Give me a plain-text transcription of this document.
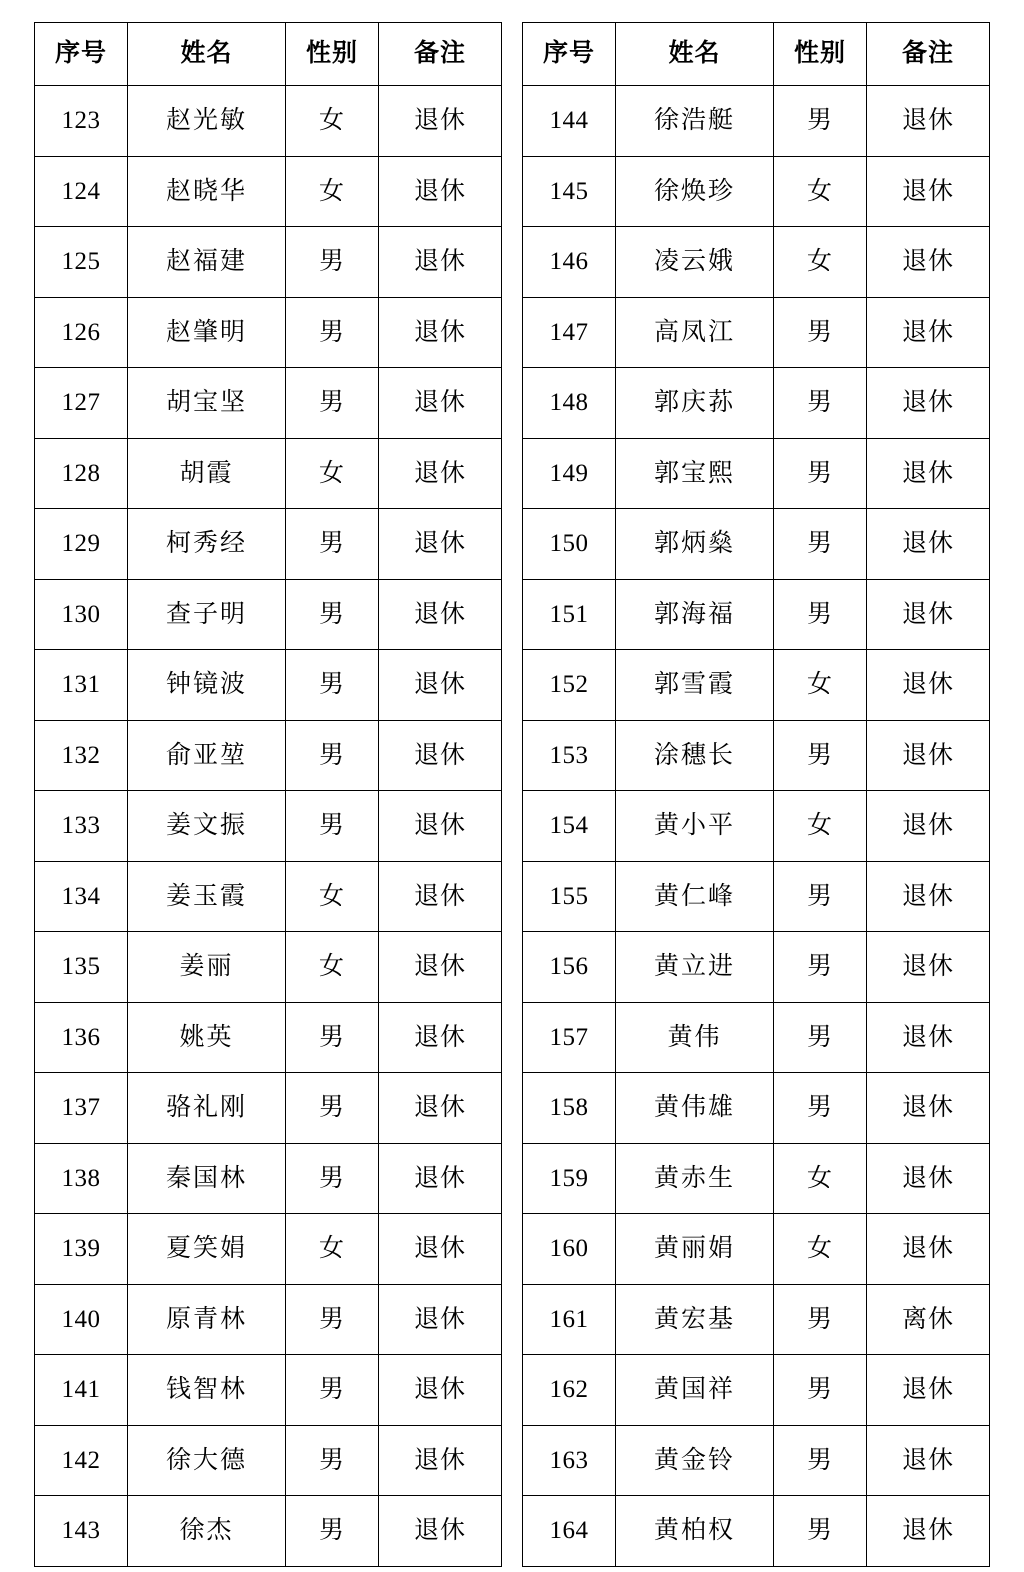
序号	姓名	性别	备注
123	赵光敏	女	退休
124	赵晓华	女	退休
125	赵福建	男	退休
126	赵肇明	男	退休
127	胡宝坚	男	退休
128	胡霞	女	退休
129	柯秀经	男	退休
130	查子明	男	退休
131	钟镜波	男	退休
132	俞亚堃	男	退休
133	姜文振	男	退休
134	姜玉霞	女	退休
135	姜丽	女	退休
136	姚英	男	退休
137	骆礼刚	男	退休
138	秦国林	男	退休
139	夏笑娟	女	退休
140	原青林	男	退休
141	钱智林	男	退休
142	徐大德	男	退休
143	徐杰	男	退休
序号	姓名	性别	备注
144	徐浩艇	男	退休
145	徐焕珍	女	退休
146	凌云娥	女	退休
147	高凤江	男	退休
148	郭庆荪	男	退休
149	郭宝熙	男	退休
150	郭炳燊	男	退休
151	郭海福	男	退休
152	郭雪霞	女	退休
153	涂穗长	男	退休
154	黄小平	女	退休
155	黄仁峰	男	退休
156	黄立进	男	退休
157	黄伟	男	退休
158	黄伟雄	男	退休
159	黄赤生	女	退休
160	黄丽娟	女	退休
161	黄宏基	男	离休
162	黄国祥	男	退休
163	黄金铃	男	退休
164	黄柏权	男	退休
